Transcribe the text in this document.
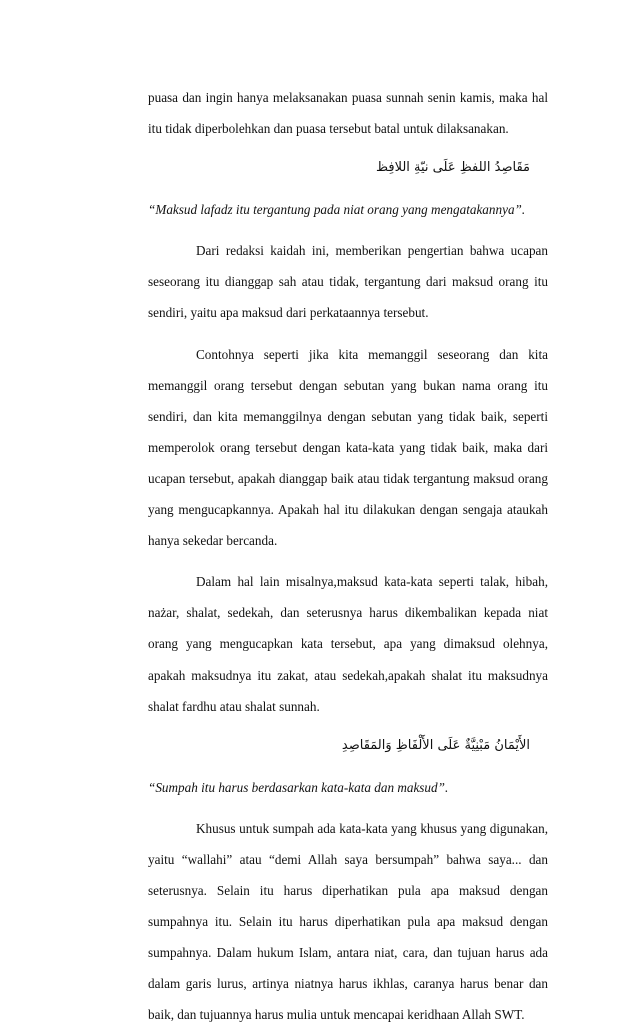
puasa dan ingin hanya melaksanakan puasa sunnah senin kamis, maka hal itu tidak diperbolehkan dan puasa tersebut batal untuk dilaksanakan.

مَقَاصِدُ اللفظِ عَلَى نيّةِ اللافِظ

“Maksud lafadz itu tergantung pada niat orang yang mengatakannya”.

Dari redaksi kaidah ini, memberikan pengertian bahwa ucapan seseorang itu dianggap sah atau tidak, tergantung dari maksud orang itu sendiri, yaitu apa maksud dari perkataannya tersebut.

Contohnya seperti jika kita memanggil seseorang dan kita memanggil orang tersebut dengan sebutan yang bukan nama orang itu sendiri, dan kita memanggilnya dengan sebutan yang tidak baik, seperti memperolok orang tersebut dengan kata-kata yang tidak baik, maka dari ucapan tersebut, apakah dianggap baik atau tidak tergantung maksud orang yang mengucapkannya. Apakah hal itu dilakukan dengan sengaja ataukah hanya sekedar bercanda.

Dalam hal lain misalnya,maksud kata-kata seperti talak, hibah, nażar, shalat, sedekah, dan seterusnya harus dikembalikan kepada niat orang yang mengucapkan kata tersebut, apa yang dimaksud olehnya, apakah maksudnya itu zakat, atau sedekah,apakah shalat itu maksudnya shalat fardhu atau shalat sunnah.

الأَيْمَانُ مَبْنِيَّةٌ عَلَى الأَلْفَاظِ وَالمَقَاصِدِ

“Sumpah itu harus berdasarkan kata-kata dan maksud”.

Khusus untuk sumpah ada kata-kata yang khusus yang digunakan, yaitu “wallahi” atau “demi Allah saya bersumpah” bahwa saya... dan seterusnya. Selain itu harus diperhatikan pula apa maksud dengan sumpahnya itu. Selain itu harus diperhatikan pula apa maksud dengan sumpahnya. Dalam hukum Islam, antara niat, cara, dan tujuan harus ada dalam garis lurus, artinya niatnya harus ikhlas, caranya harus benar dan baik, dan tujuannya harus mulia untuk mencapai keridhaan Allah SWT.
